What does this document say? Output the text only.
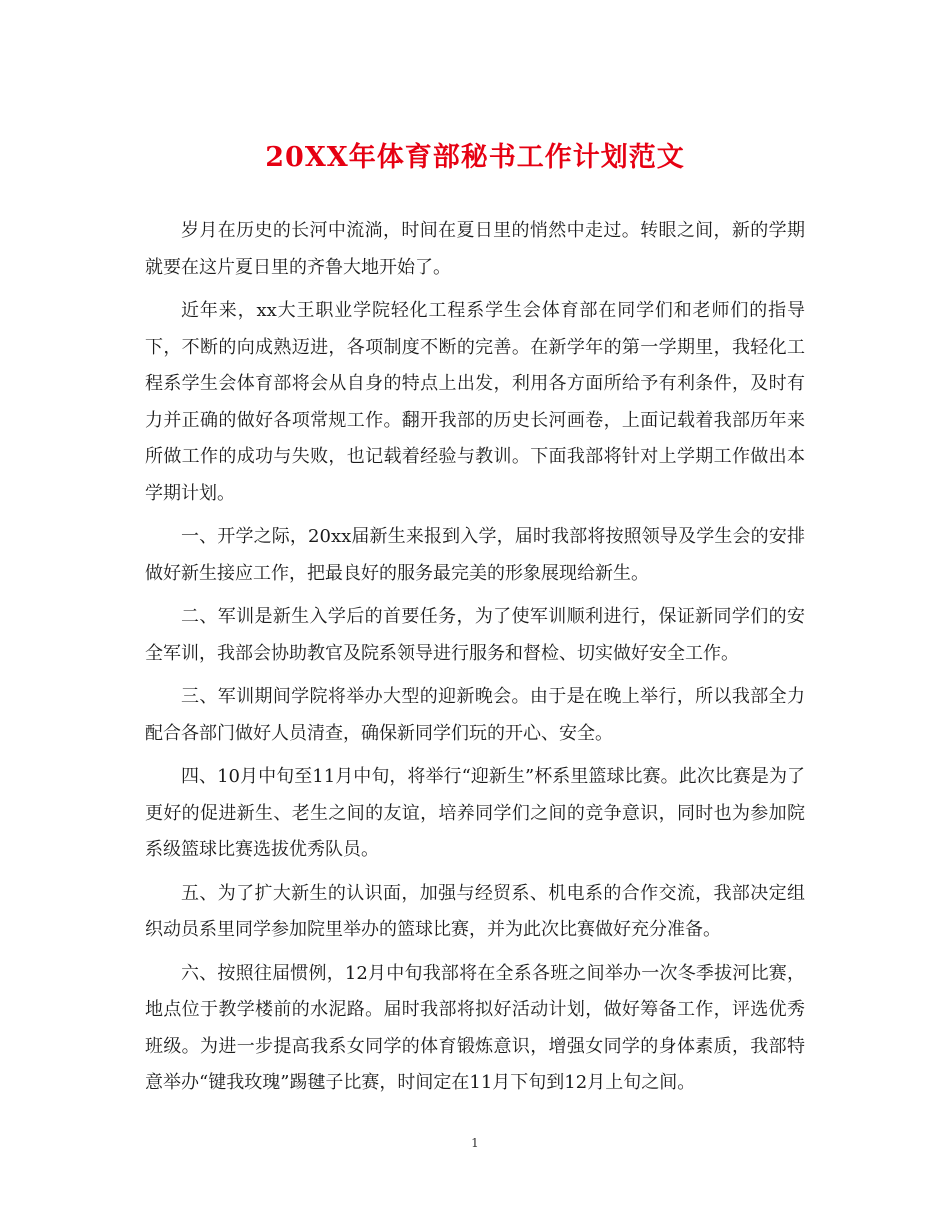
20XX年体育部秘书工作计划范文

岁月在历史的长河中流淌，时间在夏日里的悄然中走过。转眼之间，新的学期就要在这片夏日里的齐鲁大地开始了。

近年来，xx大王职业学院轻化工程系学生会体育部在同学们和老师们的指导下，不断的向成熟迈进，各项制度不断的完善。在新学年的第一学期里，我轻化工程系学生会体育部将会从自身的特点上出发，利用各方面所给予有利条件，及时有力并正确的做好各项常规工作。翻开我部的历史长河画卷，上面记载着我部历年来所做工作的成功与失败，也记载着经验与教训。下面我部将针对上学期工作做出本学期计划。

一、开学之际，20xx届新生来报到入学，届时我部将按照领导及学生会的安排做好新生接应工作，把最良好的服务最完美的形象展现给新生。

二、军训是新生入学后的首要任务，为了使军训顺利进行，保证新同学们的安全军训，我部会协助教官及院系领导进行服务和督检、切实做好安全工作。

三、军训期间学院将举办大型的迎新晚会。由于是在晚上举行，所以我部全力配合各部门做好人员清查，确保新同学们玩的开心、安全。

四、10月中旬至11月中旬，将举行“迎新生”杯系里篮球比赛。此次比赛是为了更好的促进新生、老生之间的友谊，培养同学们之间的竞争意识，同时也为参加院系级篮球比赛选拔优秀队员。

五、为了扩大新生的认识面，加强与经贸系、机电系的合作交流，我部决定组织动员系里同学参加院里举办的篮球比赛，并为此次比赛做好充分准备。

六、按照往届惯例，12月中旬我部将在全系各班之间举办一次冬季拔河比赛，地点位于教学楼前的水泥路。届时我部将拟好活动计划，做好筹备工作，评选优秀班级。为进一步提高我系女同学的体育锻炼意识，增强女同学的身体素质，我部特意举办“键我玫瑰”踢毽子比赛，时间定在11月下旬到12月上旬之间。

1
